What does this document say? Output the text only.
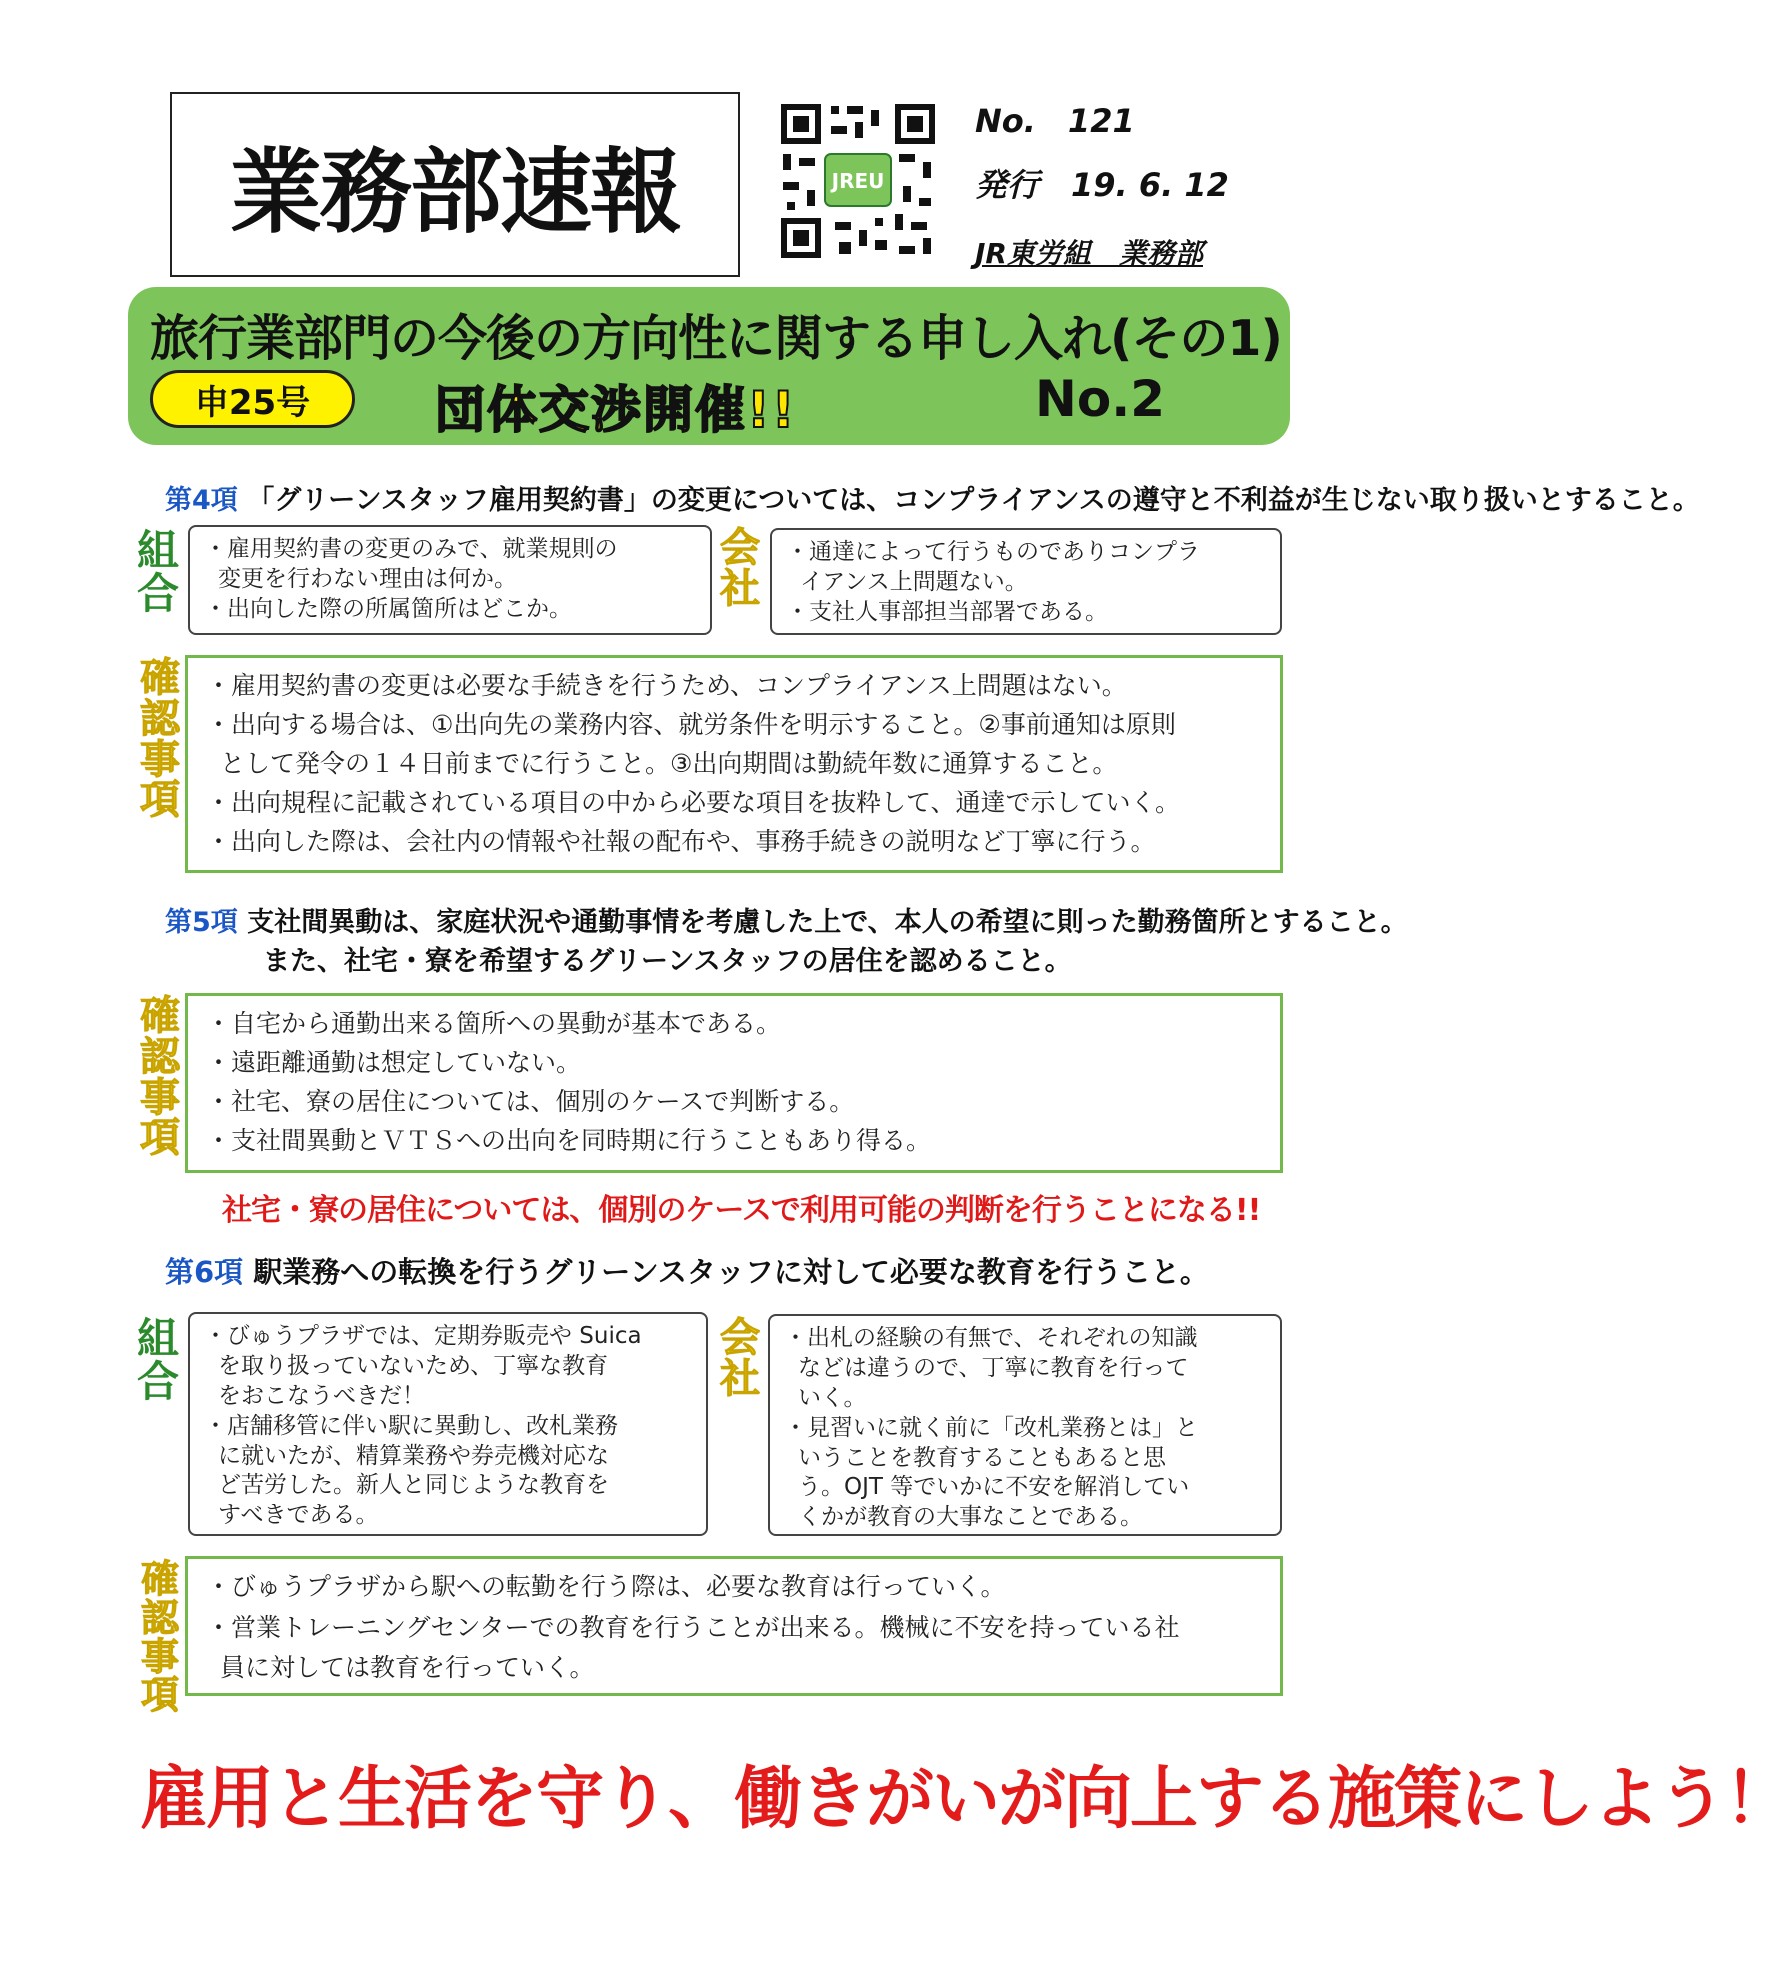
業務部速報	JREU
No.　121
発行　19. 6. 12
JR東労組　業務部
旅行業部門の今後の方向性に関する申し入れ(その1)
申25号	団体交渉開催!!	No.2
第4項 「グリーンスタッフ雇用契約書」の変更については、コンプライアンスの遵守と不利益が生じない取り扱いとすること。
組
合
・雇用契約書の変更のみで、就業規則の
変更を行わない理由は何か。
・出向した際の所属箇所はどこか。
会
社
・通達によって行うものでありコンプラ
イアンス上問題ない。
・支社人事部担当部署である。
確
認
事
項
・雇用契約書の変更は必要な手続きを行うため、コンプライアンス上問題はない。
・出向する場合は、①出向先の業務内容、就労条件を明示すること。②事前通知は原則
として発令の１４日前までに行うこと。③出向期間は勤続年数に通算すること。
・出向規程に記載されている項目の中から必要な項目を抜粋して、通達で示していく。
・出向した際は、会社内の情報や社報の配布や、事務手続きの説明など丁寧に行う。
第5項 支社間異動は、家庭状況や通勤事情を考慮した上で、本人の希望に則った勤務箇所とすること。
また、社宅・寮を希望するグリーンスタッフの居住を認めること。
確
認
事
項
・自宅から通勤出来る箇所への異動が基本である。
・遠距離通勤は想定していない。
・社宅、寮の居住については、個別のケースで判断する。
・支社間異動とＶＴＳへの出向を同時期に行うこともあり得る。
社宅・寮の居住については、個別のケースで利用可能の判断を行うことになる!!
第6項 駅業務への転換を行うグリーンスタッフに対して必要な教育を行うこと。
組
合
・びゅうプラザでは、定期券販売や Suica
を取り扱っていないため、丁寧な教育
をおこなうべきだ！
・店舗移管に伴い駅に異動し、改札業務
に就いたが、精算業務や券売機対応な
ど苦労した。新人と同じような教育を
すべきである。
会
社
・出札の経験の有無で、それぞれの知識
などは違うので、丁寧に教育を行って
いく。
・見習いに就く前に「改札業務とは」と
いうことを教育することもあると思
う。OJT 等でいかに不安を解消してい
くかが教育の大事なことである。
確
認
事
項
・びゅうプラザから駅への転勤を行う際は、必要な教育は行っていく。
・営業トレーニングセンターでの教育を行うことが出来る。機械に不安を持っている社
員に対しては教育を行っていく。
雇用と生活を守り、働きがいが向上する施策にしよう！
